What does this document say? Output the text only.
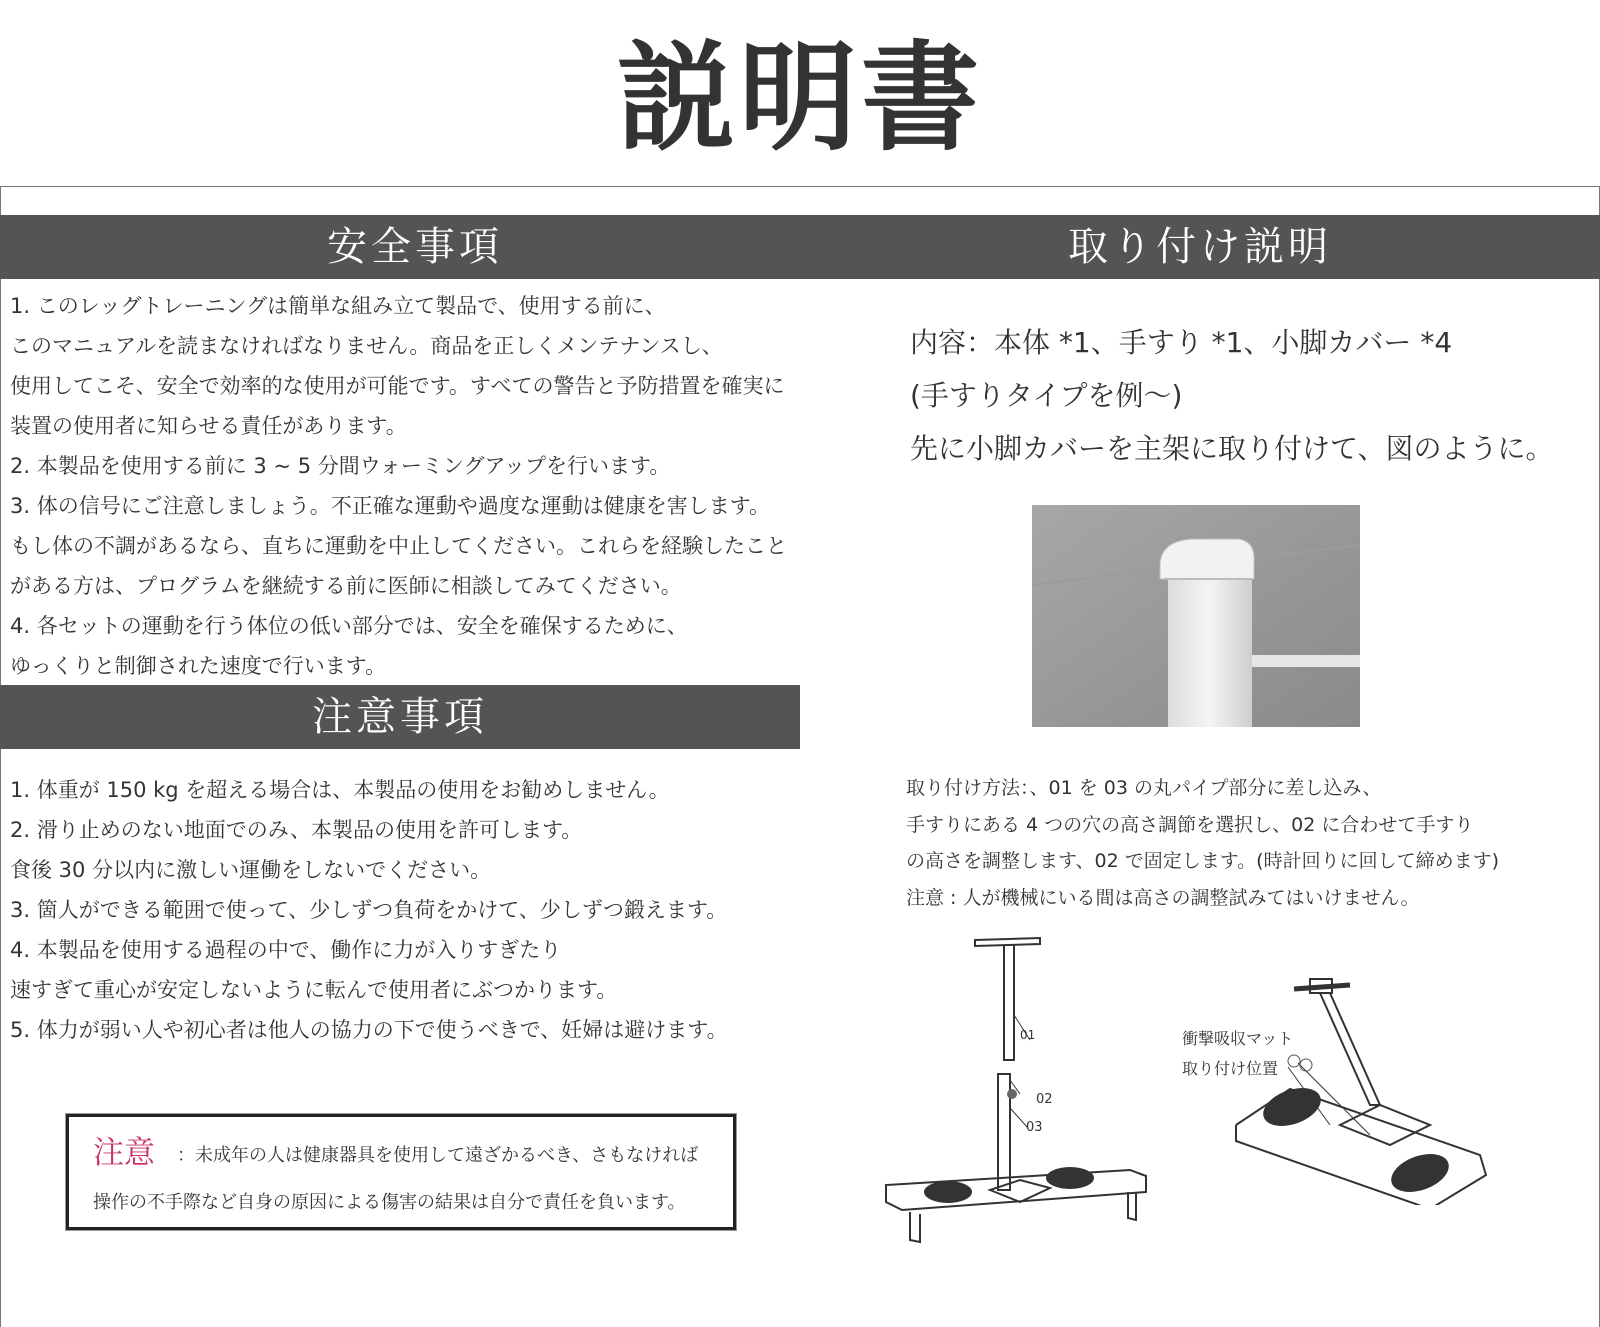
説明書
安全事項	取り付け説明
1. このレッグトレーニングは簡単な組み立て製品で、使用する前に、
このマニュアルを読まなければなりません。商品を正しくメンテナンスし、
使用してこそ、安全で効率的な使用が可能です。すべての警告と予防措置を確実に
装置の使用者に知らせる責任があります。
2. 本製品を使用する前に 3 ~ 5 分間ウォーミングアップを行います。
3. 体の信号にご注意しましょう。不正確な運動や過度な運動は健康を害します。
もし体の不調があるなら、直ちに運動を中止してください。これらを経験したこと
がある方は、プログラムを継続する前に医師に相談してみてください。
4. 各セットの運動を行う体位の低い部分では、安全を確保するために、
ゆっくりと制御された速度で行います。
注意事項
1. 体重が 150 kg を超える場合は、本製品の使用をお勧めしません。
2. 滑り止めのない地面でのみ、本製品の使用を許可します。
食後 30 分以内に激しい運働をしないでください。
3. 箇人ができる範囲で使って、少しずつ負荷をかけて、少しずつ鍛えます。
4. 本製品を使用する過程の中で、働作に力が入りすぎたり
速すぎて重心が安定しないように転んで使用者にぶつかります。
5. 体力が弱い人や初心者は他人の協力の下で使うべきで、妊婦は避けます。
注意 ：未成年の人は健康器具を使用して遠ざかるべき、さもなければ
操作の不手際など自身の原因による傷害の結果は自分で責任を負います。
内容：本体 *1、手すり *1、小脚カバー *4
(手すりタイプを例〜)
先に小脚カバーを主架に取り付けて、図のように。
取り付け方法：、01 を 03 の丸パイプ部分に差し込み、
手すりにある 4 つの穴の高さ調節を選択し、02 に合わせて手すり
の高さを調整します、02 で固定します。(時計回りに回して締めます)
注意 : 人が機械にいる間は高さの調整試みてはいけません。
01
02
03
衝撃吸収マット
取り付け位置
